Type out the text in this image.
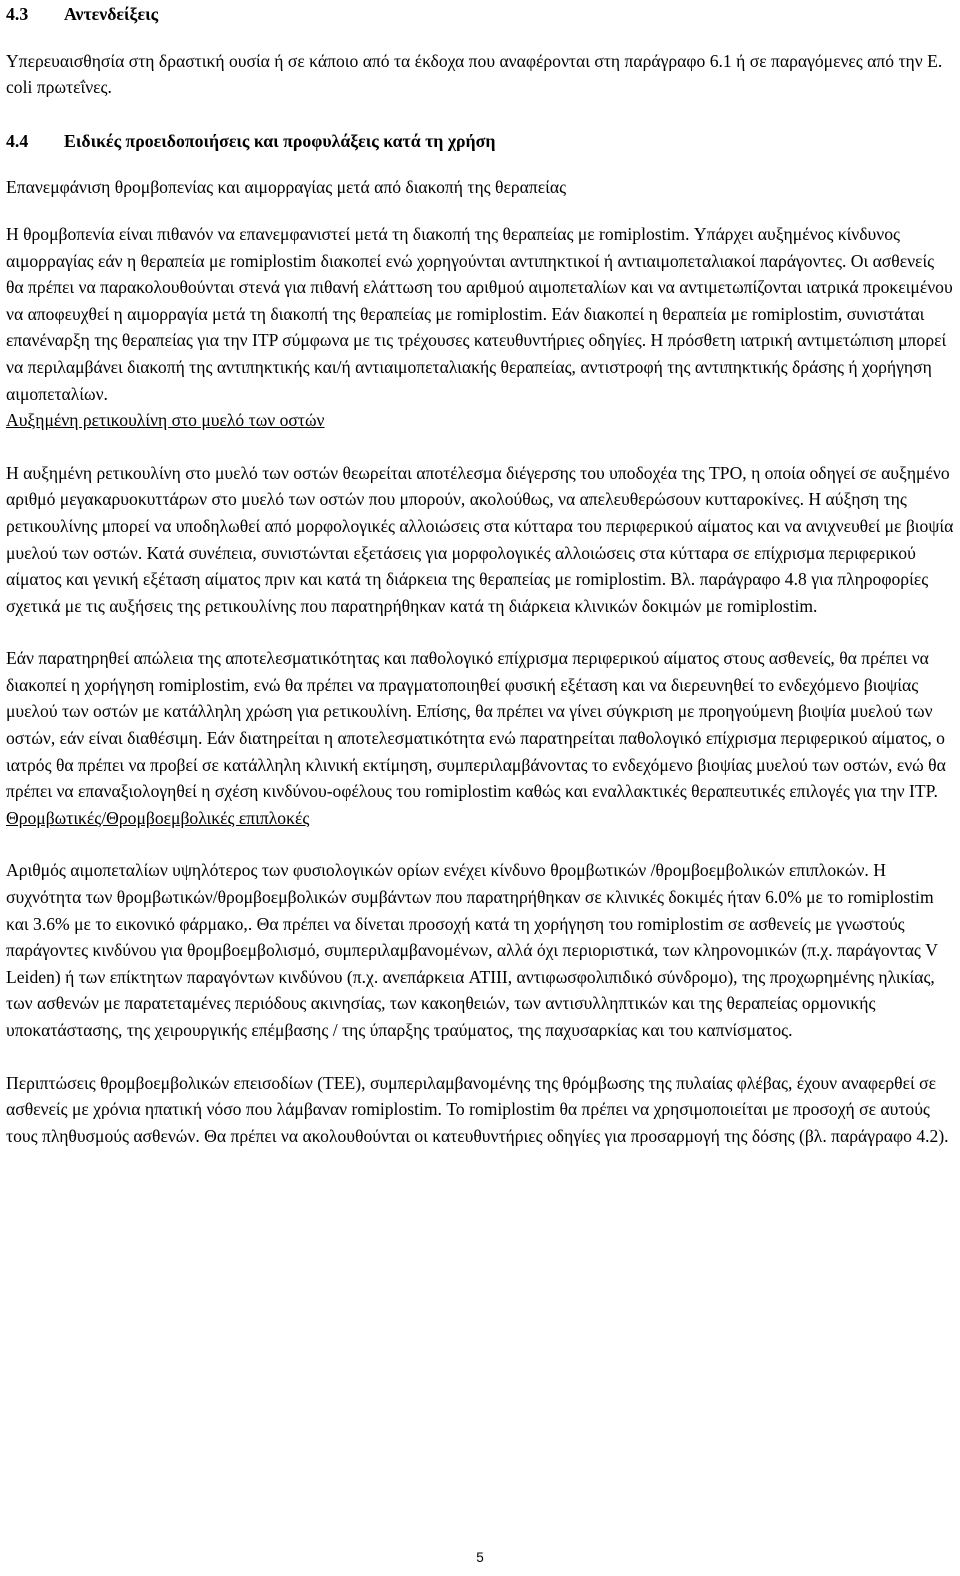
4.3 Αντενδείξεις

Υπερευαισθησία στη δραστική ουσία ή σε κάποιο από τα έκδοχα που αναφέρονται στη παράγραφο 6.1 ή σε παραγόμενες από την E. coli πρωτεΐνες.

4.4 Ειδικές προειδοποιήσεις και προφυλάξεις κατά τη χρήση

Επανεμφάνιση θρομβοπενίας και αιμορραγίας μετά από διακοπή της θεραπείας

Η θρομβοπενία είναι πιθανόν να επανεμφανιστεί μετά τη διακοπή της θεραπείας με romiplostim. Υπάρχει αυξημένος κίνδυνος αιμορραγίας εάν η θεραπεία με romiplostim διακοπεί ενώ χορηγούνται αντιπηκτικοί ή αντιαιμοπεταλιακοί παράγοντες. Οι ασθενείς θα πρέπει να παρακολουθούνται στενά για πιθανή ελάττωση του αριθμού αιμοπεταλίων και να αντιμετωπίζονται ιατρικά προκειμένου να αποφευχθεί η αιμορραγία μετά τη διακοπή της θεραπείας με romiplostim. Εάν διακοπεί η θεραπεία με romiplostim, συνιστάται επανέναρξη της θεραπείας για την ITP σύμφωνα με τις τρέχουσες κατευθυντήριες οδηγίες. Η πρόσθετη ιατρική αντιμετώπιση μπορεί να περιλαμβάνει διακοπή της αντιπηκτικής και/ή αντιαιμοπεταλιακής θεραπείας, αντιστροφή της αντιπηκτικής δράσης ή χορήγηση αιμοπεταλίων.

Αυξημένη ρετικουλίνη στο μυελό των οστών

Η αυξημένη ρετικουλίνη στο μυελό των οστών θεωρείται αποτέλεσμα διέγερσης του υποδοχέα της TPO, η οποία οδηγεί σε αυξημένο αριθμό μεγακαρυοκυττάρων στο μυελό των οστών που μπορούν, ακολούθως, να απελευθερώσουν κυτταροκίνες. Η αύξηση της ρετικουλίνης μπορεί να υποδηλωθεί από μορφολογικές αλλοιώσεις στα κύτταρα του περιφερικού αίματος και να ανιχνευθεί με βιοψία μυελού των οστών. Κατά συνέπεια, συνιστώνται εξετάσεις για μορφολογικές αλλοιώσεις στα κύτταρα σε επίχρισμα περιφερικού αίματος και γενική εξέταση αίματος πριν και κατά τη διάρκεια της θεραπείας με romiplostim. Βλ. παράγραφο 4.8 για πληροφορίες σχετικά με τις αυξήσεις της ρετικουλίνης που παρατηρήθηκαν κατά τη διάρκεια κλινικών δοκιμών με romiplostim.

Εάν παρατηρηθεί απώλεια της αποτελεσματικότητας και παθολογικό επίχρισμα περιφερικού αίματος στους ασθενείς, θα πρέπει να διακοπεί η χορήγηση romiplostim, ενώ θα πρέπει να πραγματοποιηθεί φυσική εξέταση και να διερευνηθεί το ενδεχόμενο βιοψίας μυελού των οστών με κατάλληλη χρώση για ρετικουλίνη. Επίσης, θα πρέπει να γίνει σύγκριση με προηγούμενη βιοψία μυελού των οστών, εάν είναι διαθέσιμη. Εάν διατηρείται η αποτελεσματικότητα ενώ παρατηρείται παθολογικό επίχρισμα περιφερικού αίματος, ο ιατρός θα πρέπει να προβεί σε κατάλληλη κλινική εκτίμηση, συμπεριλαμβάνοντας το ενδεχόμενο βιοψίας μυελού των οστών, ενώ θα πρέπει να επαναξιολογηθεί η σχέση κινδύνου-οφέλους του romiplostim καθώς και εναλλακτικές θεραπευτικές επιλογές για την ITP.

Θρομβωτικές/Θρομβοεμβολικές επιπλοκές

Αριθμός αιμοπεταλίων υψηλότερος των φυσιολογικών ορίων ενέχει κίνδυνο θρομβωτικών /θρομβοεμβολικών επιπλοκών. Η συχνότητα των θρομβωτικών/θρομβοεμβολικών συμβάντων που παρατηρήθηκαν σε κλινικές δοκιμές ήταν 6.0% με το romiplostim και 3.6% με το εικονικό φάρμακο,. Θα πρέπει να δίνεται προσοχή κατά τη χορήγηση του romiplostim σε ασθενείς με γνωστούς παράγοντες κινδύνου για θρομβοεμβολισμό, συμπεριλαμβανομένων, αλλά όχι περιοριστικά, των κληρονομικών (π.χ. παράγοντας V Leiden) ή των επίκτητων παραγόντων κινδύνου (π.χ. ανεπάρκεια ATIII, αντιφωσφολιπιδικό σύνδρομο), της προχωρημένης ηλικίας, των ασθενών με παρατεταμένες περιόδους ακινησίας, των κακοηθειών, των αντισυλληπτικών και της θεραπείας ορμονικής υποκατάστασης, της χειρουργικής επέμβασης / της ύπαρξης τραύματος, της παχυσαρκίας και του καπνίσματος.

Περιπτώσεις θρομβοεμβολικών επεισοδίων (TEE), συμπεριλαμβανομένης της θρόμβωσης της πυλαίας φλέβας, έχουν αναφερθεί σε ασθενείς με χρόνια ηπατική νόσο που λάμβαναν romiplostim. Το romiplostim θα πρέπει να χρησιμοποιείται με προσοχή σε αυτούς τους πληθυσμούς ασθενών. Θα πρέπει να ακολουθούνται οι κατευθυντήριες οδηγίες για προσαρμογή της δόσης (βλ. παράγραφο 4.2).

5
